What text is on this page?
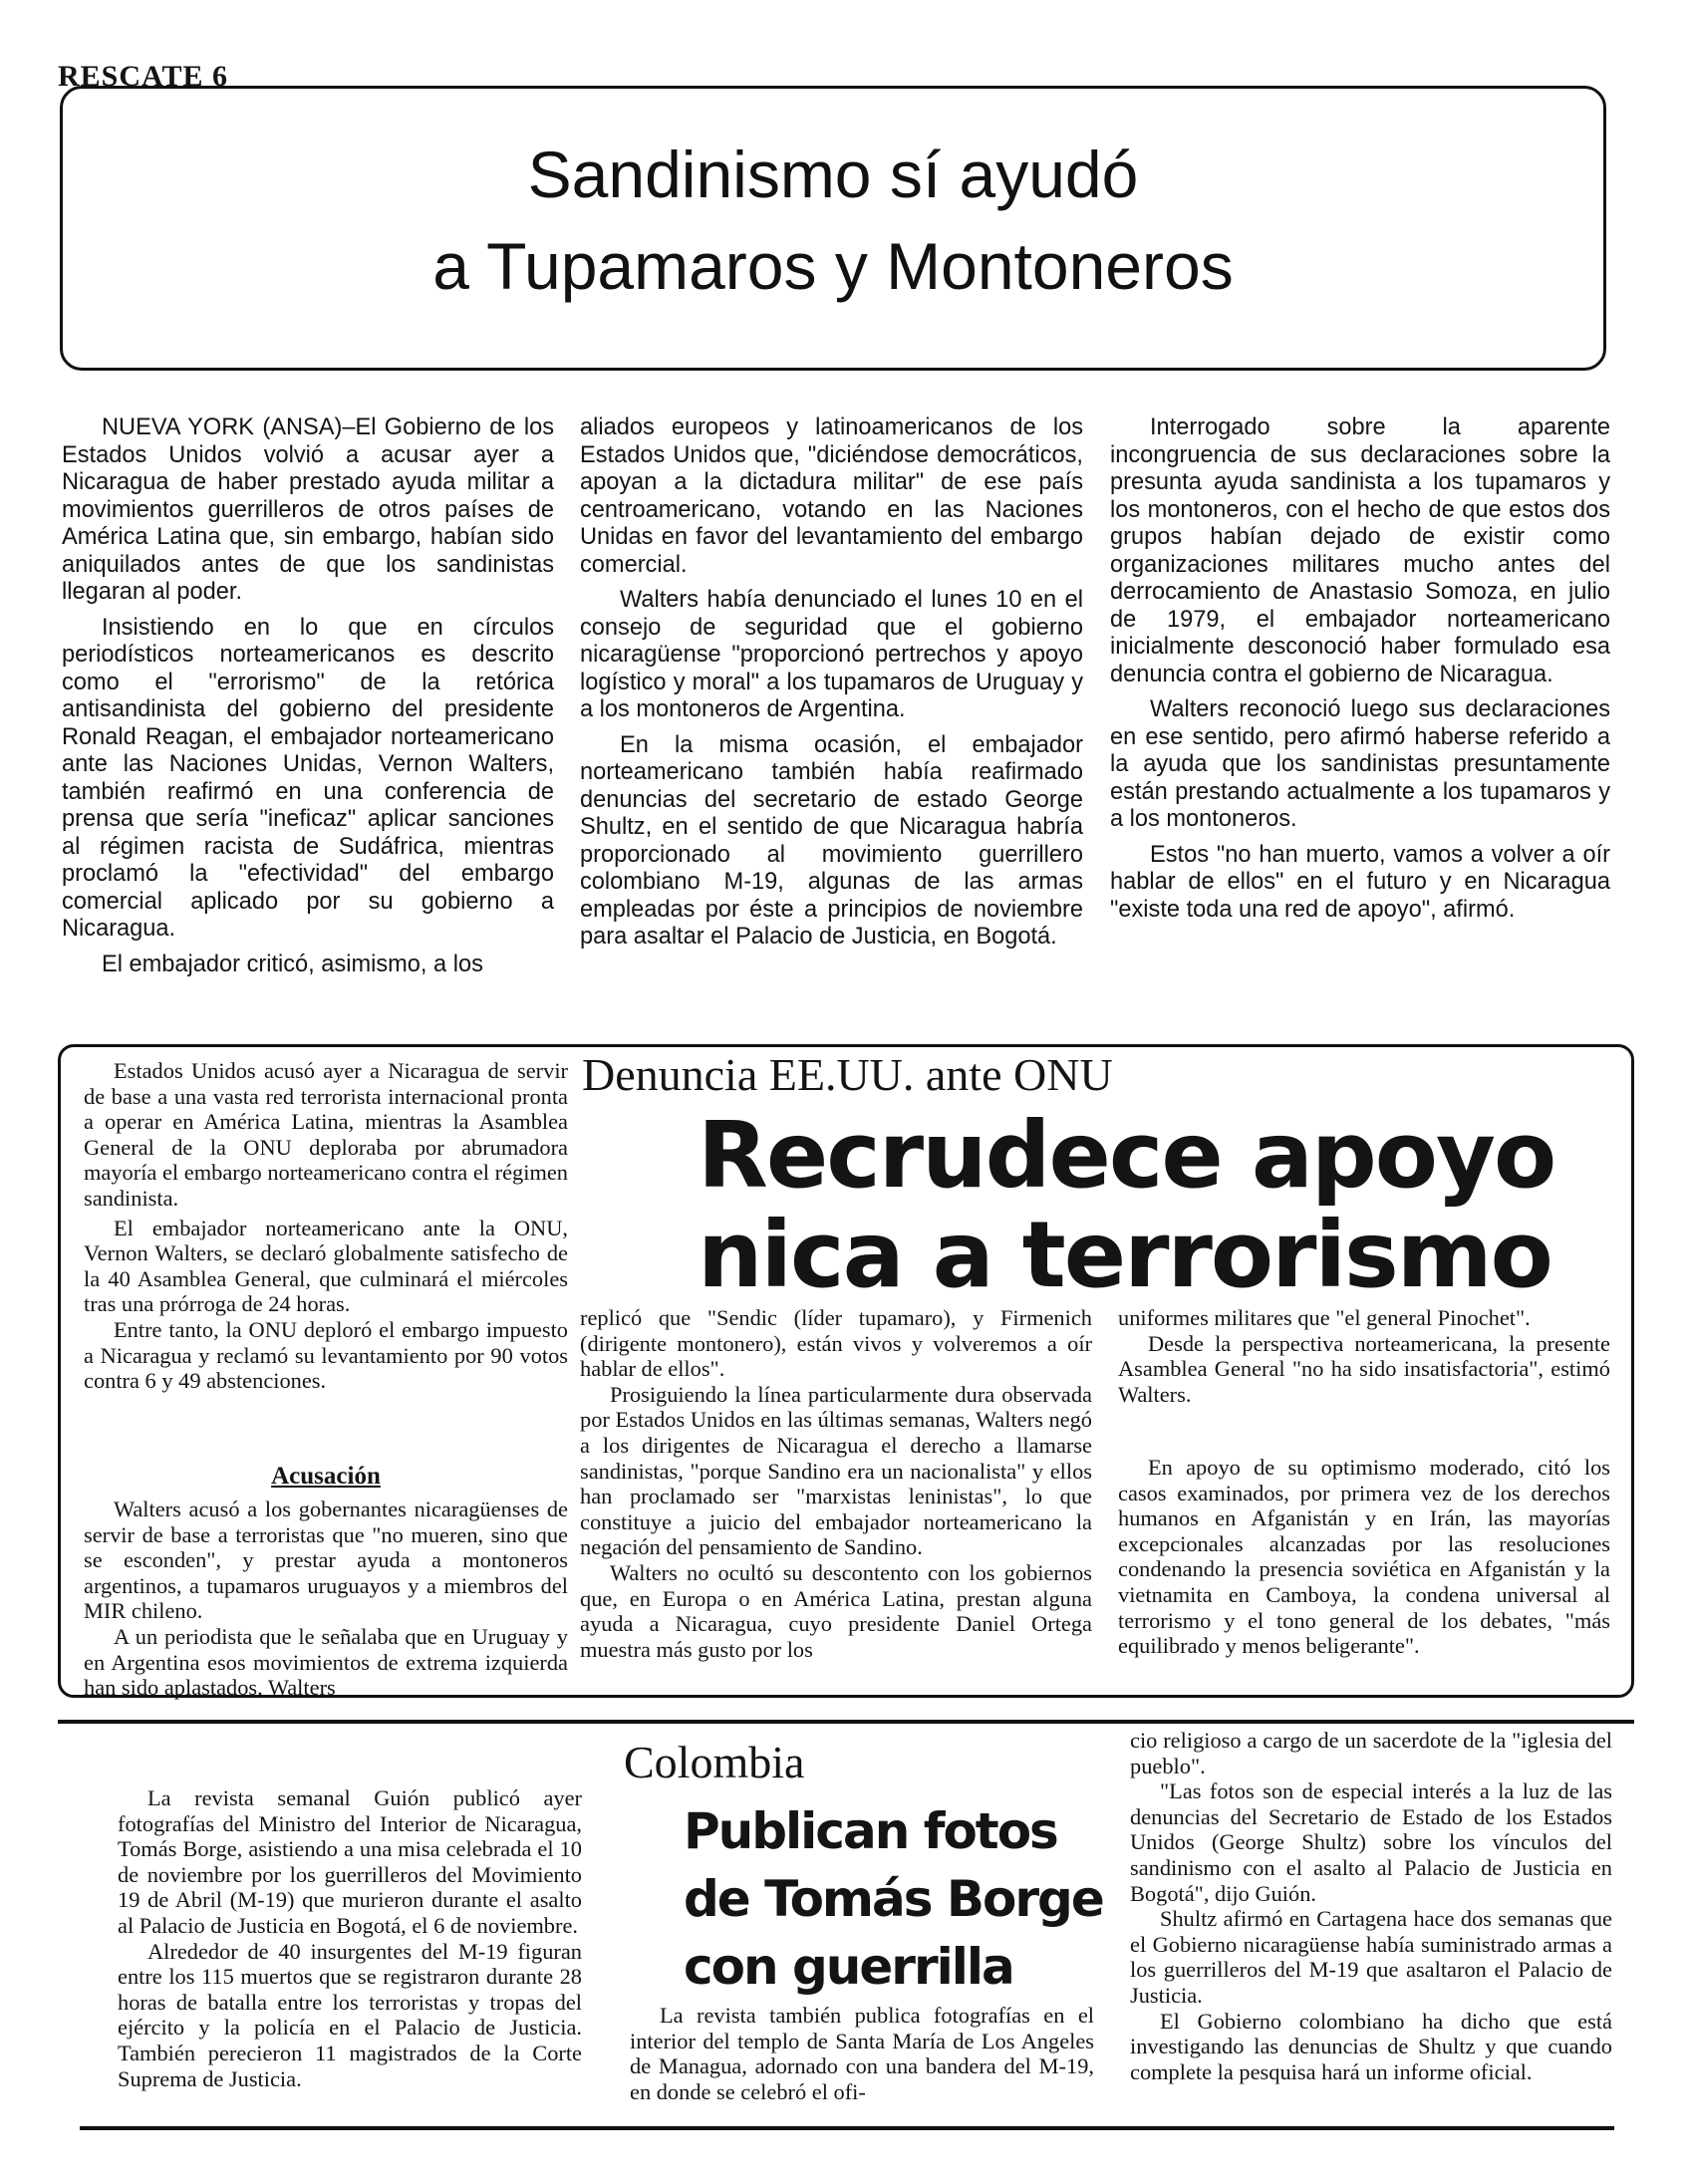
RESCATE 6
Sandinismo sí ayudó
a Tupamaros y Montoneros

NUEVA YORK (ANSA)–El Gobierno de los Estados Unidos volvió a acusar ayer a Nicaragua de haber prestado ayuda militar a movimientos guerrilleros de otros países de América Latina que, sin embargo, habían sido aniquilados antes de que los sandinistas llegaran al poder.

Insistiendo en lo que en círculos periodísticos norteamericanos es descrito como el "errorismo" de la retórica antisandinista del gobierno del presidente Ronald Reagan, el embajador norteamericano ante las Naciones Unidas, Vernon Walters, también reafirmó en una conferencia de prensa que sería "ineficaz" aplicar sanciones al régimen racista de Sudáfrica, mientras proclamó la "efectividad" del embargo comercial aplicado por su gobierno a Nicaragua.

El embajador criticó, asimismo, a los

aliados europeos y latinoamericanos de los Estados Unidos que, "diciéndose democráticos, apoyan a la dictadura militar" de ese país centroamericano, votando en las Naciones Unidas en favor del levantamiento del embargo comercial.

Walters había denunciado el lunes 10 en el consejo de seguridad que el gobierno nicaragüense "proporcionó pertrechos y apoyo logístico y moral" a los tupamaros de Uruguay y a los montoneros de Argentina.

En la misma ocasión, el embajador norteamericano también había reafirmado denuncias del secretario de estado George Shultz, en el sentido de que Nicaragua habría proporcionado al movimiento guerrillero colombiano M-19, algunas de las armas empleadas por éste a principios de noviembre para asaltar el Palacio de Justicia, en Bogotá.

Interrogado sobre la aparente incongruencia de sus declaraciones sobre la presunta ayuda sandinista a los tupamaros y los montoneros, con el hecho de que estos dos grupos habían dejado de existir como organizaciones militares mucho antes del derrocamiento de Anastasio Somoza, en julio de 1979, el embajador norteamericano inicialmente desconoció haber formulado esa denuncia contra el gobierno de Nicaragua.

Walters reconoció luego sus declaraciones en ese sentido, pero afirmó haberse referido a la ayuda que los sandinistas presuntamente están prestando actualmente a los tupamaros y a los montoneros.

Estos "no han muerto, vamos a volver a oír hablar de ellos" en el futuro y en Nicaragua "existe toda una red de apoyo", afirmó.

Estados Unidos acusó ayer a Nicaragua de servir de base a una vasta red terrorista internacional pronta a operar en América Latina, mientras la Asamblea General de la ONU deploraba por abrumadora mayoría el embargo norteamericano contra el régimen sandinista.

El embajador norteamericano ante la ONU, Vernon Walters, se declaró globalmente satisfecho de la 40 Asamblea General, que culminará el miércoles tras una prórroga de 24 horas.

Entre tanto, la ONU deploró el embargo impuesto a Nicaragua y reclamó su levantamiento por 90 votos contra 6 y 49 abstenciones.

Denuncia EE.UU. ante ONU
Recrudece apoyo
nica a terrorismo
Acusación

Walters acusó a los gobernantes nicaragüenses de servir de base a terroristas que "no mueren, sino que se esconden", y prestar ayuda a montoneros argentinos, a tupamaros uruguayos y a miembros del MIR chileno.

A un periodista que le señalaba que en Uruguay y en Argentina esos movimientos de extrema izquierda han sido aplastados, Walters

replicó que "Sendic (líder tupamaro), y Firmenich (dirigente montonero), están vivos y volveremos a oír hablar de ellos".

Prosiguiendo la línea particularmente dura observada por Estados Unidos en las últimas semanas, Walters negó a los dirigentes de Nicaragua el derecho a llamarse sandinistas, "porque Sandino era un nacionalista" y ellos han proclamado ser "marxistas leninistas", lo que constituye a juicio del embajador norteamericano la negación del pensamiento de Sandino.

Walters no ocultó su descontento con los gobiernos que, en Europa o en América Latina, prestan alguna ayuda a Nicaragua, cuyo presidente Daniel Ortega muestra más gusto por los

uniformes militares que "el general Pinochet".

Desde la perspectiva norteamericana, la presente Asamblea General "no ha sido insatisfactoria", estimó Walters.

En apoyo de su optimismo moderado, citó los casos examinados, por primera vez de los derechos humanos en Afganistán y en Irán, las mayorías excepcionales alcanzadas por las resoluciones condenando la presencia soviética en Afganistán y la vietnamita en Camboya, la condena universal al terrorismo y el tono general de los debates, "más equilibrado y menos beligerante".

La revista semanal Guión publicó ayer fotografías del Ministro del Interior de Nicaragua, Tomás Borge, asistiendo a una misa celebrada el 10 de noviembre por los guerrilleros del Movimiento 19 de Abril (M-19) que murieron durante el asalto al Palacio de Justicia en Bogotá, el 6 de noviembre.

Alrededor de 40 insurgentes del M-19 figuran entre los 115 muertos que se registraron durante 28 horas de batalla entre los terroristas y tropas del ejército y la policía en el Palacio de Justicia. También perecieron 11 magistrados de la Corte Suprema de Justicia.

Colombia
Publican fotos
de Tomás Borge
con guerrilla

La revista también publica fotografías en el interior del templo de Santa María de Los Angeles de Managua, adornado con una bandera del M-19, en donde se celebró el ofi-

cio religioso a cargo de un sacerdote de la "iglesia del pueblo".

"Las fotos son de especial interés a la luz de las denuncias del Secretario de Estado de los Estados Unidos (George Shultz) sobre los vínculos del sandinismo con el asalto al Palacio de Justicia en Bogotá", dijo Guión.

Shultz afirmó en Cartagena hace dos semanas que el Gobierno nicaragüense había suministrado armas a los guerrilleros del M-19 que asaltaron el Palacio de Justicia.

El Gobierno colombiano ha dicho que está investigando las denuncias de Shultz y que cuando complete la pesquisa hará un informe oficial.
